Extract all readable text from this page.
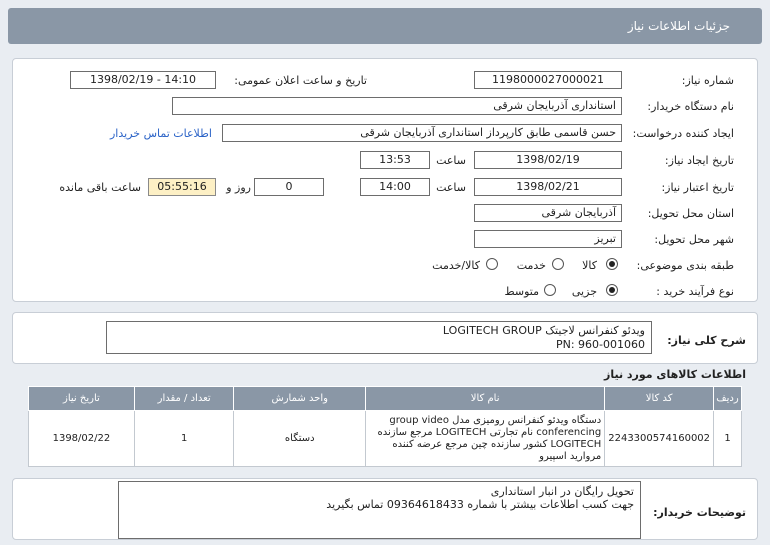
جزئیات اطلاعات نیاز
شماره نیاز:
1198000027000021
تاریخ و ساعت اعلان عمومی:
1398/02/19 - 14:10
نام دستگاه خریدار:
استانداری آذربایجان شرقی
ایجاد کننده درخواست:
حسن قاسمی طابق کارپرداز استانداری آذربایجان شرقی
اطلاعات تماس خریدار
تاریخ ایجاد نیاز:
1398/02/19
ساعت
13:53
تاریخ اعتبار نیاز:
1398/02/21
ساعت
14:00
0
روز و
05:55:16
ساعت باقی مانده
استان محل تحویل:
آذربایجان شرقی
شهر محل تحویل:
تبریز
طبقه بندی موضوعی:
کالا
خدمت
کالا/خدمت
نوع فرآیند خرید :
جزیی
متوسط
شرح کلی نیاز:
ویدئو کنفرانس لاجیتک LOGITECH GROUP
PN: 960-001060
اطلاعات کالاهای مورد نیاز
ردیف	کد کالا	نام کالا	واحد شمارش	تعداد / مقدار	تاریخ نیاز
1	2243300574160002	دستگاه ویدئو کنفرانس رومیزی مدل group video conferencing نام تجارتی LOGITECH مرجع سازنده LOGITECH کشور سازنده چین مرجع عرضه کننده مروارید اسپیرو	دستگاه	1	1398/02/22
توضیحات خریدار:
تحویل رایگان در انبار استانداری
جهت کسب اطلاعات بیشتر با شماره 09364618433 تماس بگیرید
